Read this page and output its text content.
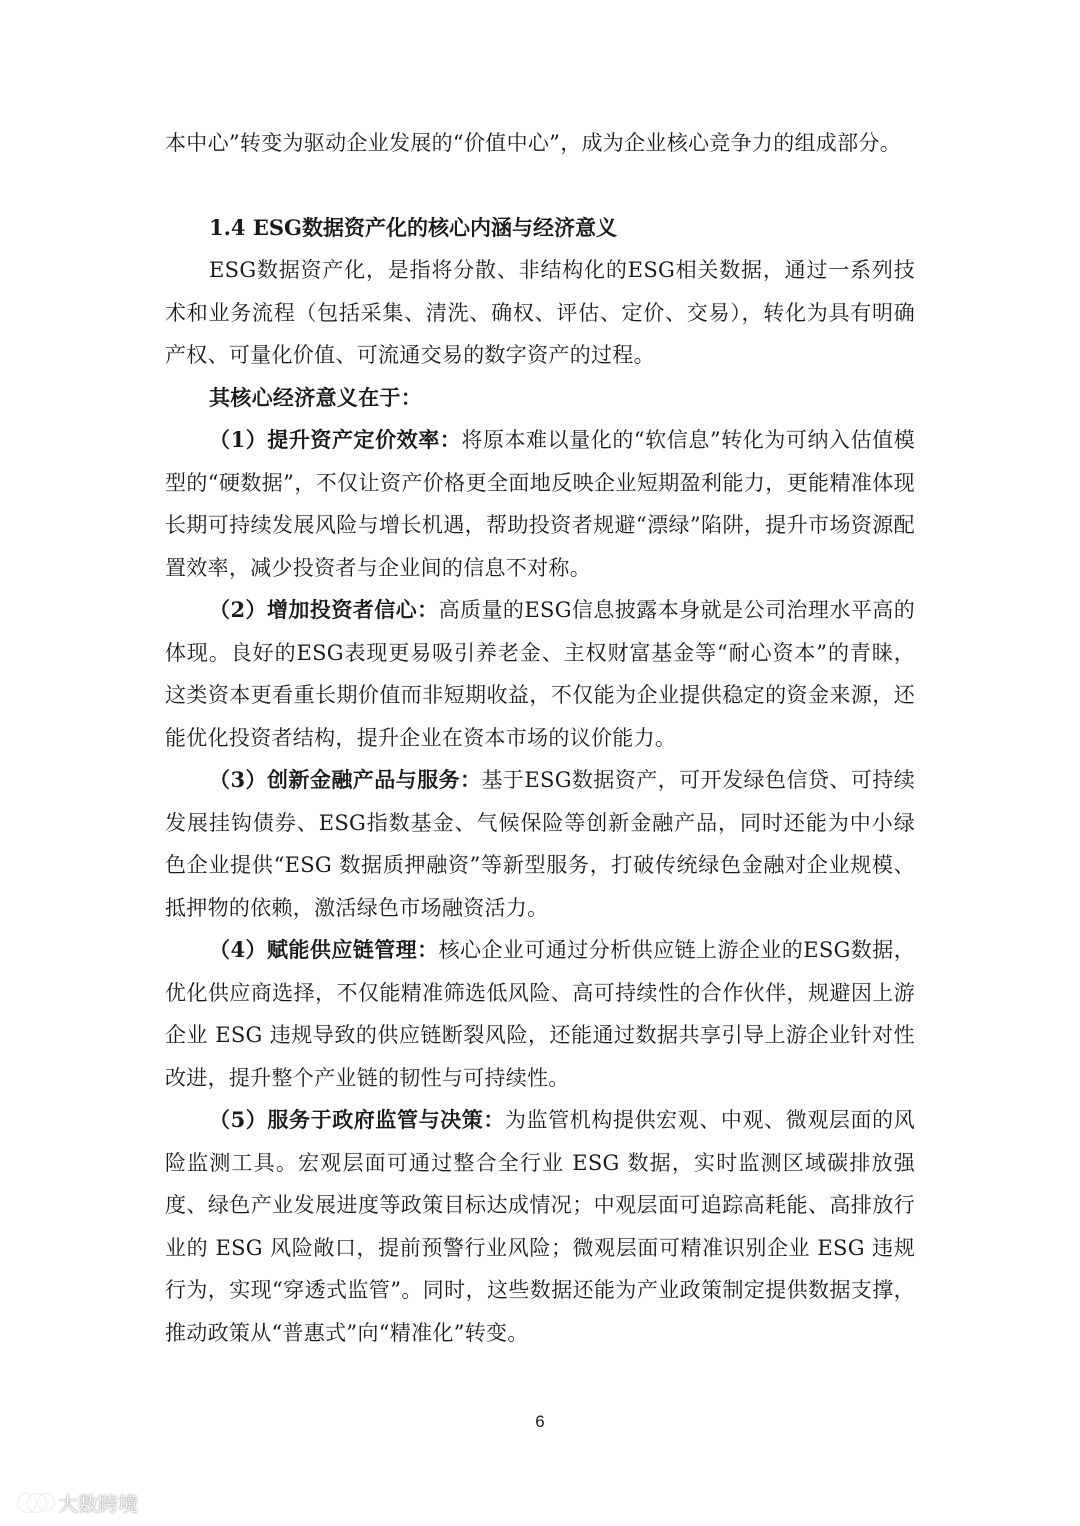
本中心”转变为驱动企业发展的“价值中心”，成为企业核心竞争力的组成部分。
1.4 ESG数据资产化的核心内涵与经济意义
ESG数据资产化，是指将分散、非结构化的ESG相关数据，通过一系列技术和业务流程（包括采集、清洗、确权、评估、定价、交易），转化为具有明确产权、可量化价值、可流通交易的数字资产的过程。
其核心经济意义在于：
（1）提升资产定价效率：将原本难以量化的“软信息”转化为可纳入估值模型的“硬数据”，不仅让资产价格更全面地反映企业短期盈利能力，更能精准体现长期可持续发展风险与增长机遇，帮助投资者规避“漂绿”陷阱，提升市场资源配置效率，减少投资者与企业间的信息不对称。
（2）增加投资者信心：高质量的ESG信息披露本身就是公司治理水平高的体现。良好的ESG表现更易吸引养老金、主权财富基金等“耐心资本”的青睐，这类资本更看重长期价值而非短期收益，不仅能为企业提供稳定的资金来源，还能优化投资者结构，提升企业在资本市场的议价能力。
（3）创新金融产品与服务：基于ESG数据资产，可开发绿色信贷、可持续发展挂钩债券、ESG指数基金、气候保险等创新金融产品，同时还能为中小绿色企业提供“ESG 数据质押融资”等新型服务，打破传统绿色金融对企业规模、抵押物的依赖，激活绿色市场融资活力。
（4）赋能供应链管理：核心企业可通过分析供应链上游企业的ESG数据，优化供应商选择，不仅能精准筛选低风险、高可持续性的合作伙伴，规避因上游企业 ESG 违规导致的供应链断裂风险，还能通过数据共享引导上游企业针对性改进，提升整个产业链的韧性与可持续性。
（5）服务于政府监管与决策：为监管机构提供宏观、中观、微观层面的风险监测工具。宏观层面可通过整合全行业 ESG 数据，实时监测区域碳排放强度、绿色产业发展进度等政策目标达成情况；中观层面可追踪高耗能、高排放行业的 ESG 风险敞口，提前预警行业风险；微观层面可精准识别企业 ESG 违规行为，实现“穿透式监管”。同时，这些数据还能为产业政策制定提供数据支撑，推动政策从“普惠式”向“精准化”转变。
6
大数跨境
